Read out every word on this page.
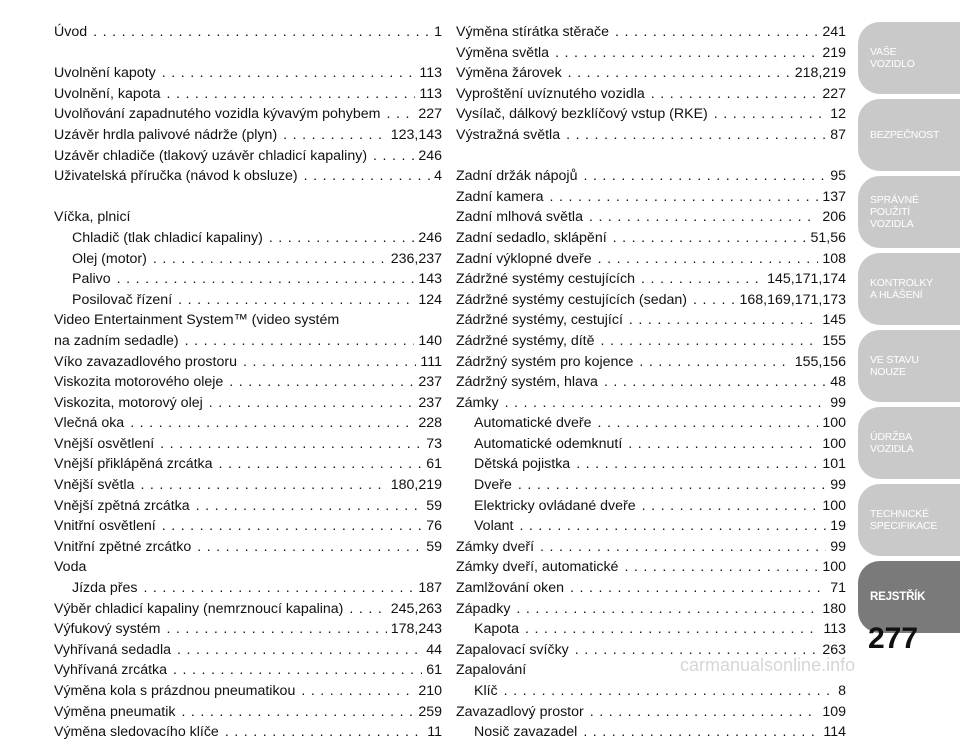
Úvod . . .	1
Uvolnění kapoty . . .	113
Uvolnění, kapota . . .	113
Uvolňování zapadnutého vozidla kývavým pohybem . . .	227
Uzávěr hrdla palivové nádrže (plyn) . . .	123,143
Uzávěr chladiče (tlakový uzávěr chladicí kapaliny) . . .	246
Uživatelská příručka (návod k obsluze) . . .	4
Víčka, plnicí
Chladič (tlak chladicí kapaliny) . . .	246
Olej (motor) . . .	236,237
Palivo . . .	143
Posilovač řízení . . .	124
Video Entertainment System™ (video systém
na zadním sedadle) . . .	140
Víko zavazadlového prostoru . . .	111
Viskozita motorového oleje . . .	237
Viskozita, motorový olej . . .	237
Vlečná oka . . .	228
Vnější osvětlení . . .	73
Vnější přiklápěná zrcátka . . .	61
Vnější světla . . .	180,219
Vnější zpětná zrcátka . . .	59
Vnitřní osvětlení . . .	76
Vnitřní zpětné zrcátko . . .	59
Voda
Jízda přes . . .	187
Výběr chladicí kapaliny (nemrznoucí kapalina) . . .	245,263
Výfukový systém . . .	178,243
Vyhřívaná sedadla . . .	44
Vyhřívaná zrcátka . . .	61
Výměna kola s prázdnou pneumatikou . . .	210
Výměna pneumatik . . .	259
Výměna sledovacího klíče . . .	11
Výměna stírátka stěrače . . .	241
Výměna světla . . .	219
Výměna žárovek . . .	218,219
Vyproštění uvíznutého vozidla . . .	227
Vysílač, dálkový bezklíčový vstup (RKE) . . .	12
Výstražná světla . . .	87
Zadní držák nápojů . . .	95
Zadní kamera . . .	137
Zadní mlhová světla . . .	206
Zadní sedadlo, sklápění . . .	51,56
Zadní výklopné dveře . . .	108
Zádržné systémy cestujících . . .	145,171,174
Zádržné systémy cestujících (sedan) . . .	168,169,171,173
Zádržné systémy, cestující . . .	145
Zádržné systémy, dítě . . .	155
Zádržný systém pro kojence . . .	155,156
Zádržný systém, hlava . . .	48
Zámky . . .	99
Automatické dveře . . .	100
Automatické odemknutí . . .	100
Dětská pojistka . . .	101
Dveře . . .	99
Elektricky ovládané dveře . . .	100
Volant . . .	19
Zámky dveří . . .	99
Zámky dveří, automatické . . .	100
Zamlžování oken . . .	71
Západky . . .	180
Kapota . . .	113
Zapalovací svíčky . . .	263
Zapalování
Klíč . . .	8
Zavazadlový prostor . . .	109
Nosič zavazadel . . .	114
VAŠE
VOZIDLO
BEZPEČNOST
SPRÁVNÉ
POUŽITÍ
VOZIDLA
KONTROLKY
A HLÁŠENÍ
VE STAVU
NOUZE
ÚDRŽBA
VOZIDLA
TECHNICKÉ
SPECIFIKACE
REJSTŘÍK
277
carmanualsonline.info
